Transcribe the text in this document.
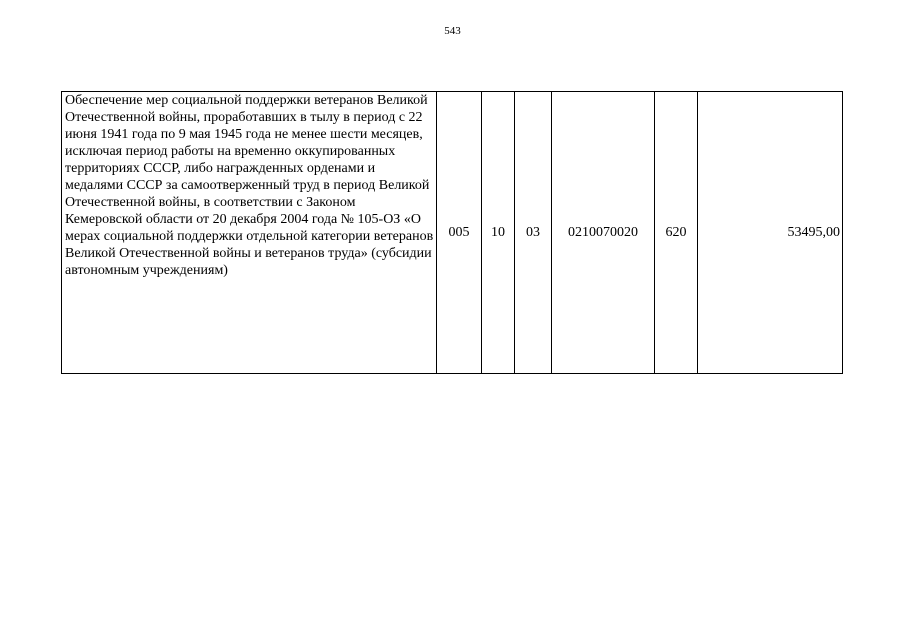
543
Обеспечение мер социальной поддержки ветеранов Великой Отечественной войны, проработавших в тылу в период с 22 июня 1941 года по 9 мая 1945 года не менее шести месяцев, исключая период работы на временно оккупированных территориях СССР, либо награжденных орденами и медалями СССР за самоотверженный труд в период Великой Отечественной войны, в соответствии с Законом Кемеровской области от 20 декабря 2004 года № 105-ОЗ «О мерах социальной поддержки отдельной категории ветеранов Великой Отечественной войны и ветеранов труда» (субсидии автономным учреждениям)	005	10	03	0210070020	620	53495,00
